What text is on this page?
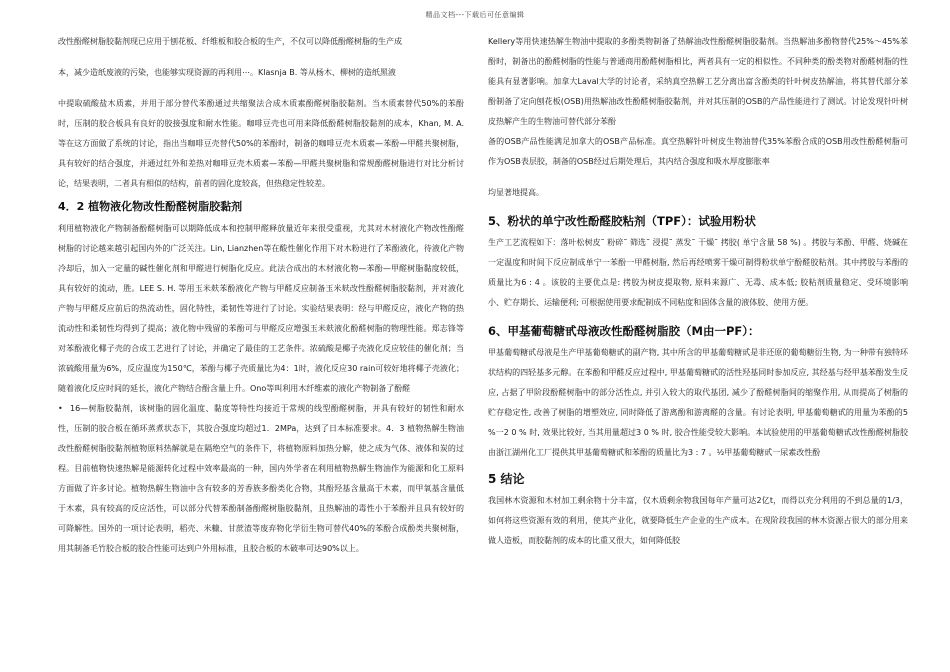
精品文档---下载后可任意编辑

改性酚醛树脂胶黏剂现已应用于刨花板、纤维板和胶合板的生产，不仅可以降低酚醛树脂的生产成

本，减少造纸废液的污染，也能够实现资源的再利用⋯。Klasnja B. 等从杨木、柳树的造纸黑液

中提取硫酸盐木质素，并用于部分替代苯酚通过共缩聚法合成木质素酚醛树脂胶黏剂。当木质素替代50%的苯酚时，压制的胶合板具有良好的胶接强度和耐水性能。咖啡豆壳也可用来降低酚醛树脂胶黏剂的成本，Khan, M. A. 等在这方面做了系统的讨论，指出当咖啡豆壳替代50%的苯酚时，制备的咖啡豆壳木质素—苯酚—甲醛共聚树脂，具有较好的结合强度，并通过红外和差热对咖啡豆壳木质素—苯酚—甲醛共聚树脂和常规酚醛树脂进行对比分析讨论，结果表明，二者具有相似的结构，前者的固化度较高，但热稳定性较差。

4．2 植物液化物改性酚醛树脂胶黏剂

利用植物液化产物制备酚醛树脂可以期降低成本和控制甲醛释放量近年来很受重视，尤其对木材液化产物改性酚醛树脂的讨论越来越引起国内外的广泛关注。Lin, Lianzhen等在酸性催化作用下对木粉进行了苯酚液化，待液化产物冷却后，加入一定量的碱性催化剂和甲醛进行树脂化反应。此法合成出的木材液化物—苯酚—甲醛树脂黏度较低，具有较好的流动，胜。LEE S. H. 等用玉米麸苯酚液化产物与甲醛反应制备玉米麸改性酚醛树脂胶黏剂，并对液化产物与甲醛反应前后的热流动性，固化特性，柔韧性等进行了讨论。实验结果表明：经与甲醛反应，液化产物的热流动性和柔韧性均得到了提高；液化物中残留的苯酚可与甲醛反应增强玉米麸液化酚醛树脂的物理性能。郑志锋等对苯酚液化椰子壳的合成工艺进行了讨论，并确定了最佳的工艺条件。浓硫酸是椰子壳液化反应较佳的催化剂；当浓硫酸用量为6%，反应温度为150℃，苯酚与椰子壳质量比为4：1时，液化反应30 rain可较好地将椰子壳液化；随着液化反应时间的延长，液化产物结合酚含量上升。Ono等叫利用木纤维素的液化产物制备了酚醛

• 16—树脂胶黏剂，该树脂的固化温度、黏度等特性均接近于常规的线型酚醛树脂，并具有较好的韧性和耐水性，压制的胶合板在循环蒸煮状态下，其胶合强度均超过1．2MPa，达到了日本标准要求。4．3 植物热解生物油改性酚醛树脂胶黏剂植物原料热解就是在隔绝空气的条件下，将植物原料加热分解，使之成为气体、液体和炭的过程。目前植物快速热解是能源转化过程中效率最高的一种，国内外学者在利用植物热解生物油作为能源和化工原料方面做了许多讨论。植物热解生物油中含有较多的芳香族多酚类化合物，其酚羟基含量高于木素，而甲氧基含量低于木素，具有较高的反应活性，可以部分代替苯酚制备酚醛树脂胶黏剂，且热解油的毒性小于苯酚并且具有较好的可降解性。国外的一项讨论表明，稻壳、米糠、甘蔗渣等废弃物化学衍生物可替代40%的苯酚合成酚类共聚树脂，用其制备毛竹胶合板的胶合性能可达到户外用标准，且胶合板的木破率可达90%以上。

Kellery等用快速热解生物油中提取的多酚类物制备了热解油改性酚醛树脂胶黏剂。当热解油多酚物替代25%～45%苯酚时，制备出的酚醛树脂的性能与普通商用酚醛树脂相比，两者具有一定的相似性。不同种类的酚类物对酚醛树脂的性能具有显著影响。加拿大Laval大学的讨论者，采纳真空热解工艺分离出富含酚类的针叶树皮热解油，将其替代部分苯酚制备了定向刨花板(OSB)用热解油改性酚醛树脂胶黏剂，并对其压制的OSB的产品性能进行了测试。讨论发现针叶树皮热解产生的生物油可替代部分苯酚

备的OSB产品性能满足加拿大的OSB产品标准。真空热解针叶树皮生物油替代35%苯酚合成的OSB用改性酚醛树脂可作为OSB表层胶，制备的OSB经过后期处理后，其内结合强度和吸水厚度膨胀率

均显著地提高。

5、粉状的单宁改性酚醛胶粘剂（TPF）：试验用粉状

生产工艺流程如下：落叶松树皮˜ 粉碎˜ 筛选˜ 浸提˜ 蒸发˜ 干燥˜ 拷胶( 单宁含量 58 %) 。拷胶与苯酚、甲醛、烧碱在一定温度和时间下反应制成单宁一苯酚一甲醛树脂, 然后再经喷雾干燥可制得粉状单宁酚醛胶粘剂。其中拷胶与苯酚的质量比为6 : 4 。该胶的主要优点是: 拷胶为树皮提取物, 原料来源广、无毒、成本低; 胶粘剂质量稳定、受环境影响小、贮存期长、运输便利; 可根据使用要求配制成不同粘度和固体含量的液体胶、使用方便。

6、甲基葡萄糖甙母液改性酚醛树脂胶（M由一PF）：

甲基葡萄糖甙母液是生产甲基葡萄糖甙的副产物, 其中所含的甲基葡萄糖甙是非还原的葡萄糖衍生物, 为一种带有独特环状结构的四轻基多元醇。在苯酚和甲醛反应过程中, 甲基葡萄糖甙的活性羟基同时参加反应, 其经基与经甲基苯酚发生反应, 占据了甲阶段酚醛树脂中的部分活性点, 并引入较大的取代基团, 减少了酚醛树脂间的缩聚作用, 从而提高了树脂的贮存稳定性, 改善了树脂的增塑效应, 同时降低了游离酚和游离醛的含量。有讨论表明, 甲基葡萄糖甙的用量为苯酚的5 %一2 0 % 时, 效果比较好, 当其用量超过3 0 % 时, 胶合性能受较大影响。本试验使用的甲基葡萄糖甙改性酚醛树脂胶由浙江湖州化工厂提供其甲基葡萄糖甙和苯酚的质量比为3 : 7 。½甲基葡萄糖甙一尿素改性酚

5 结论

我国林木资源和木材加工剩余物十分丰富，仅木质剩余物我国每年产量可达2亿t，而得以充分利用的不到总量的1/3，如何将这些资源有效的利用，使其产业化，就要降低生产企业的生产成本。在现阶段我国的林木资源占很大的部分用来做人造板，而胶黏剂的成本的比重又很大，如何降低胶
